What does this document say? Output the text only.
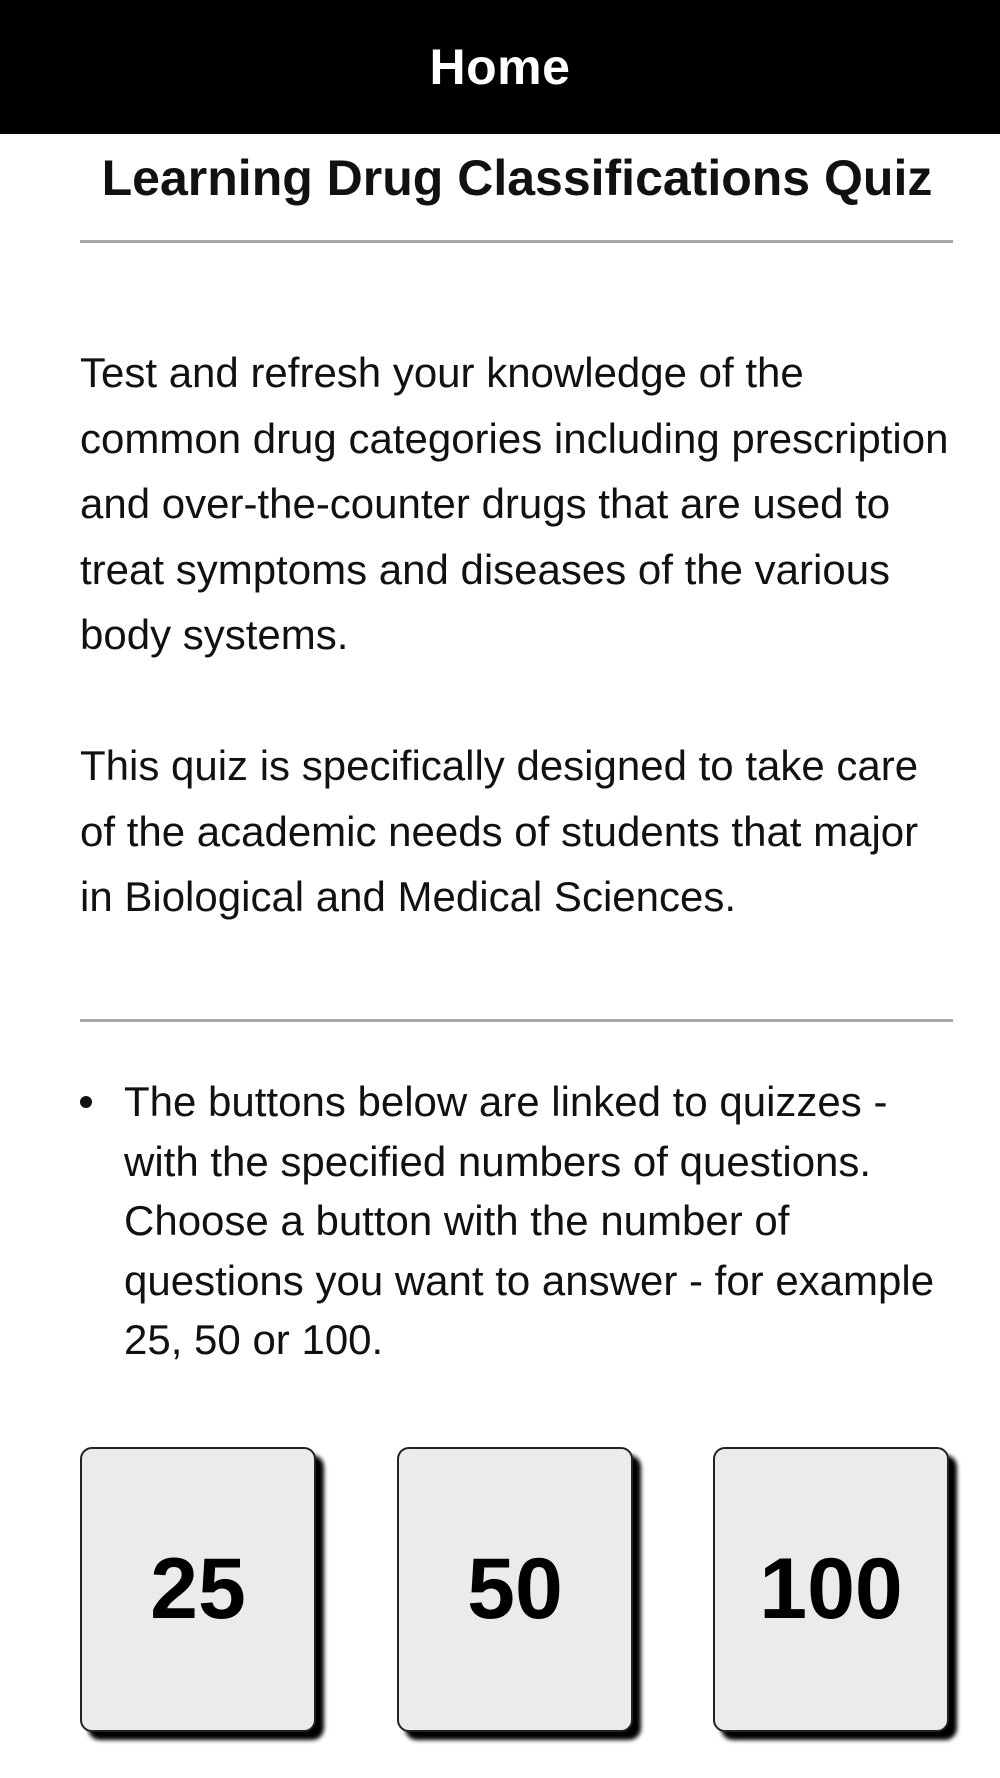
Home
Learning Drug Classifications Quiz

Test and refresh your knowledge of the common drug categories including prescription and over-the-counter drugs that are used to treat symptoms and diseases of the various body systems.

This quiz is specifically designed to take care of the academic needs of students that major in Biological and Medical Sciences.

The buttons below are linked to quizzes - with the specified numbers of questions. Choose a button with the number of questions you want to answer - for example 25, 50 or 100.
25	50	100
